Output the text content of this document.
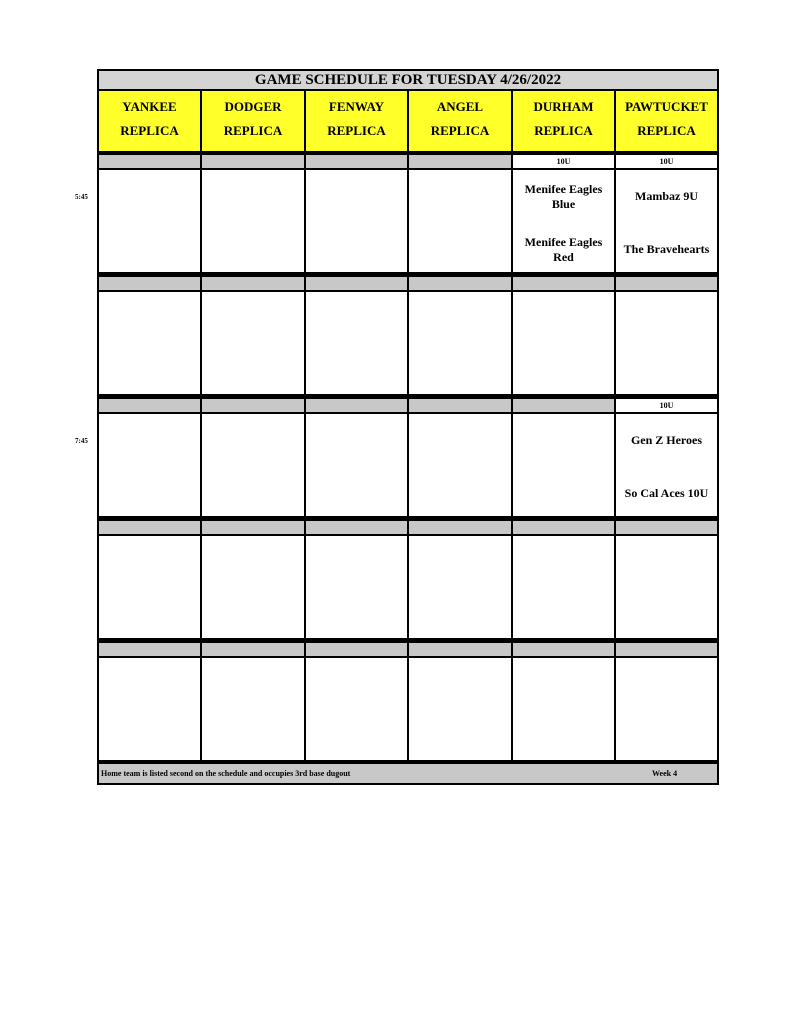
5:45
7:45
GAME SCHEDULE FOR TUESDAY 4/26/2022
YANKEE
REPLICA
DODGER
REPLICA
FENWAY
REPLICA
ANGEL
REPLICA
DURHAM
REPLICA
PAWTUCKET
REPLICA
10U
Menifee Eagles Blue
Menifee Eagles Red
10U
Mambaz 9U
The Bravehearts
10U
Gen Z Heroes
So Cal Aces 10U
Home team is listed second on the schedule and occupies 3rd base dugout	Week 4
